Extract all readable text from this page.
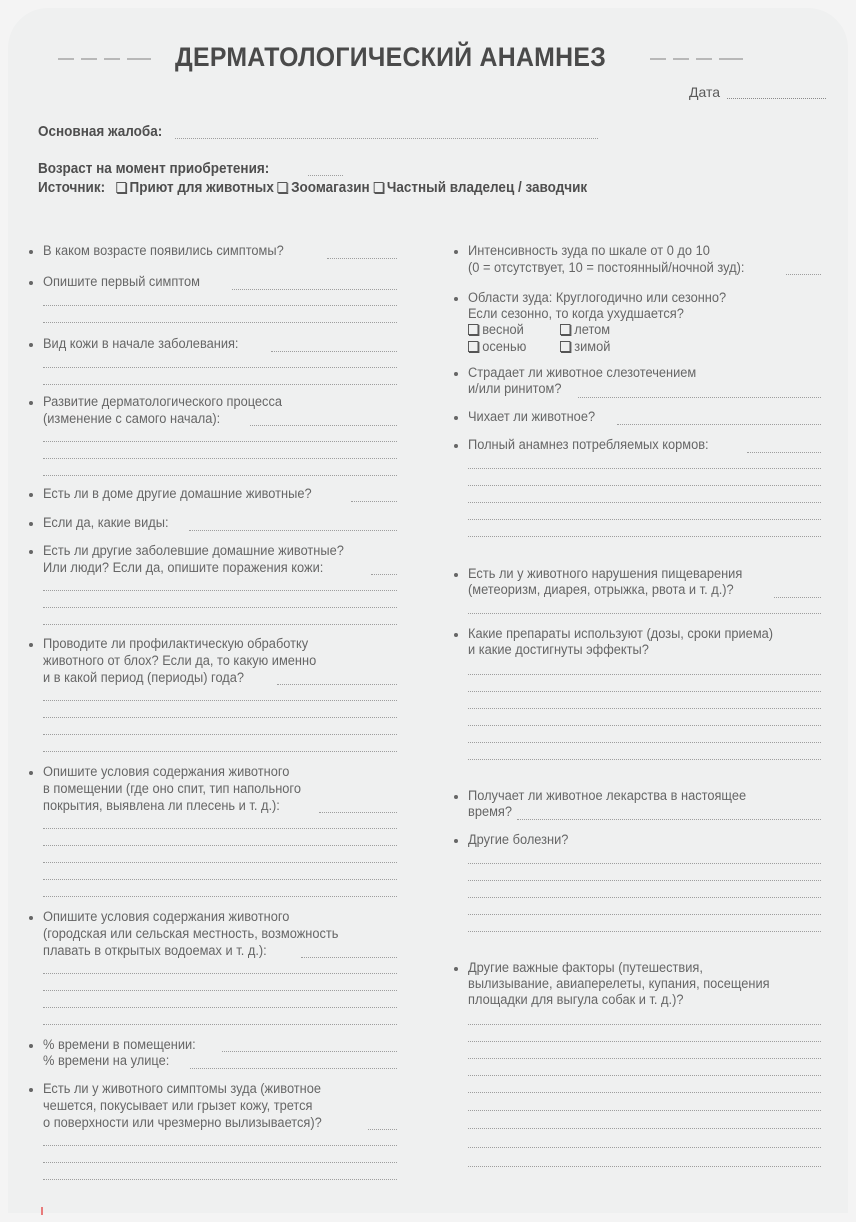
ДЕРМАТОЛОГИЧЕСКИЙ АНАМНЕЗ
Дата
Основная жалоба:
Возраст на момент приобретения:
Источник: Приют для животных Зоомагазин Частный владелец / заводчик
В каком возрасте появились симптомы?
Опишите первый симптом
Вид кожи в начале заболевания:
Развитие дерматологического процесса
(изменение с самого начала):
Есть ли в доме другие домашние животные?
Если да, какие виды:
Есть ли другие заболевшие домашние животные?
Или люди? Если да, опишите поражения кожи:
Проводите ли профилактическую обработку
животного от блох? Если да, то какую именно
и в какой период (периоды) года?
Опишите условия содержания животного
в помещении (где оно спит, тип напольного
покрытия, выявлена ли плесень и т. д.):
Опишите условия содержания животного
(городская или сельская местность, возможность
плавать в открытых водоемах и т. д.):
% времени в помещении:
% времени на улице:
Есть ли у животного симптомы зуда (животное
чешется, покусывает или грызет кожу, трется
о поверхности или чрезмерно вылизывается)?
Интенсивность зуда по шкале от 0 до 10
(0 = отсутствует, 10 = постоянный/ночной зуд):
Области зуда: Круглогодично или сезонно?
Если сезонно, то когда ухудшается?
весной	летом
осенью	зимой
Страдает ли животное слезотечением
и/или ринитом?
Чихает ли животное?
Полный анамнез потребляемых кормов:
Есть ли у животного нарушения пищеварения
(метеоризм, диарея, отрыжка, рвота и т. д.)?
Какие препараты используют (дозы, сроки приема)
и какие достигнуты эффекты?
Получает ли животное лекарства в настоящее
время?
Другие болезни?
Другие важные факторы (путешествия,
вылизывание, авиаперелеты, купания, посещения
площадки для выгула собак и т. д.)?
